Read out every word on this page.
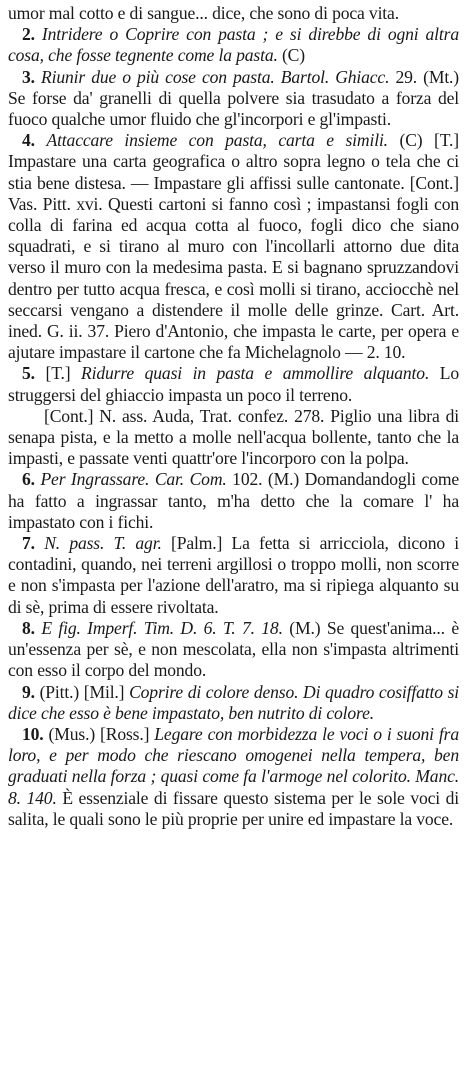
umor mal cotto e di sangue... dice, che sono di poca vita.

2. Intridere o Coprire con pasta ; e si direbbe di ogni altra cosa, che fosse tegnente come la pasta. (C)

3. Riunir due o più cose con pasta. Bartol. Ghiacc. 29. (Mt.) Se forse da' granelli di quella polvere sia trasudato a forza del fuoco qualche umor fluido che gl'incorpori e gl'impasti.

4. Attaccare insieme con pasta, carta e simili. (C) [T.] Impastare una carta geografica o altro sopra legno o tela che ci stia bene distesa. — Impastare gli affissi sulle cantonate. [Cont.] Vas. Pitt. xvi. Questi cartoni si fanno così ; impastansi fogli con colla di farina ed acqua cotta al fuoco, fogli dico che siano squadrati, e si tirano al muro con l'incollarli attorno due dita verso il muro con la medesima pasta. E si bagnano spruzzandovi dentro per tutto acqua fresca, e così molli si tirano, acciocchè nel seccarsi vengano a distendere il molle delle grinze. Cart. Art. ined. G. ii. 37. Piero d'Antonio, che impasta le carte, per opera e ajutare impastare il cartone che fa Michelagnolo — 2. 10.

5. [T.] Ridurre quasi in pasta e ammollire alquanto. Lo struggersi del ghiaccio impasta un poco il terreno.

[Cont.] N. ass. Auda, Trat. confez. 278. Piglio una libra di senapa pista, e la metto a molle nell'acqua bollente, tanto che la impasti, e passate venti quattr'ore l'incorporo con la polpa.

6. Per Ingrassare. Car. Com. 102. (M.) Domandandogli come ha fatto a ingrassar tanto, m'ha detto che la comare l' ha impastato con i fichi.

7. N. pass. T. agr. [Palm.] La fetta si arricciola, dicono i contadini, quando, nei terreni argillosi o troppo molli, non scorre e non s'impasta per l'azione dell'aratro, ma si ripiega alquanto su di sè, prima di essere rivoltata.

8. E fig. Imperf. Tim. D. 6. T. 7. 18. (M.) Se quest'anima... è un'essenza per sè, e non mescolata, ella non s'impasta altrimenti con esso il corpo del mondo.

9. (Pitt.) [Mil.] Coprire di colore denso. Di quadro cosiffatto si dice che esso è bene impastato, ben nutrito di colore.

10. (Mus.) [Ross.] Legare con morbidezza le voci o i suoni fra loro, e per modo che riescano omogenei nella tempera, ben graduati nella forza ; quasi come fa l'armoge nel colorito. Manc. 8. 140. È essenziale di fissare questo sistema per le sole voci di salita, le quali sono le più proprie per unire ed impastare la voce.
